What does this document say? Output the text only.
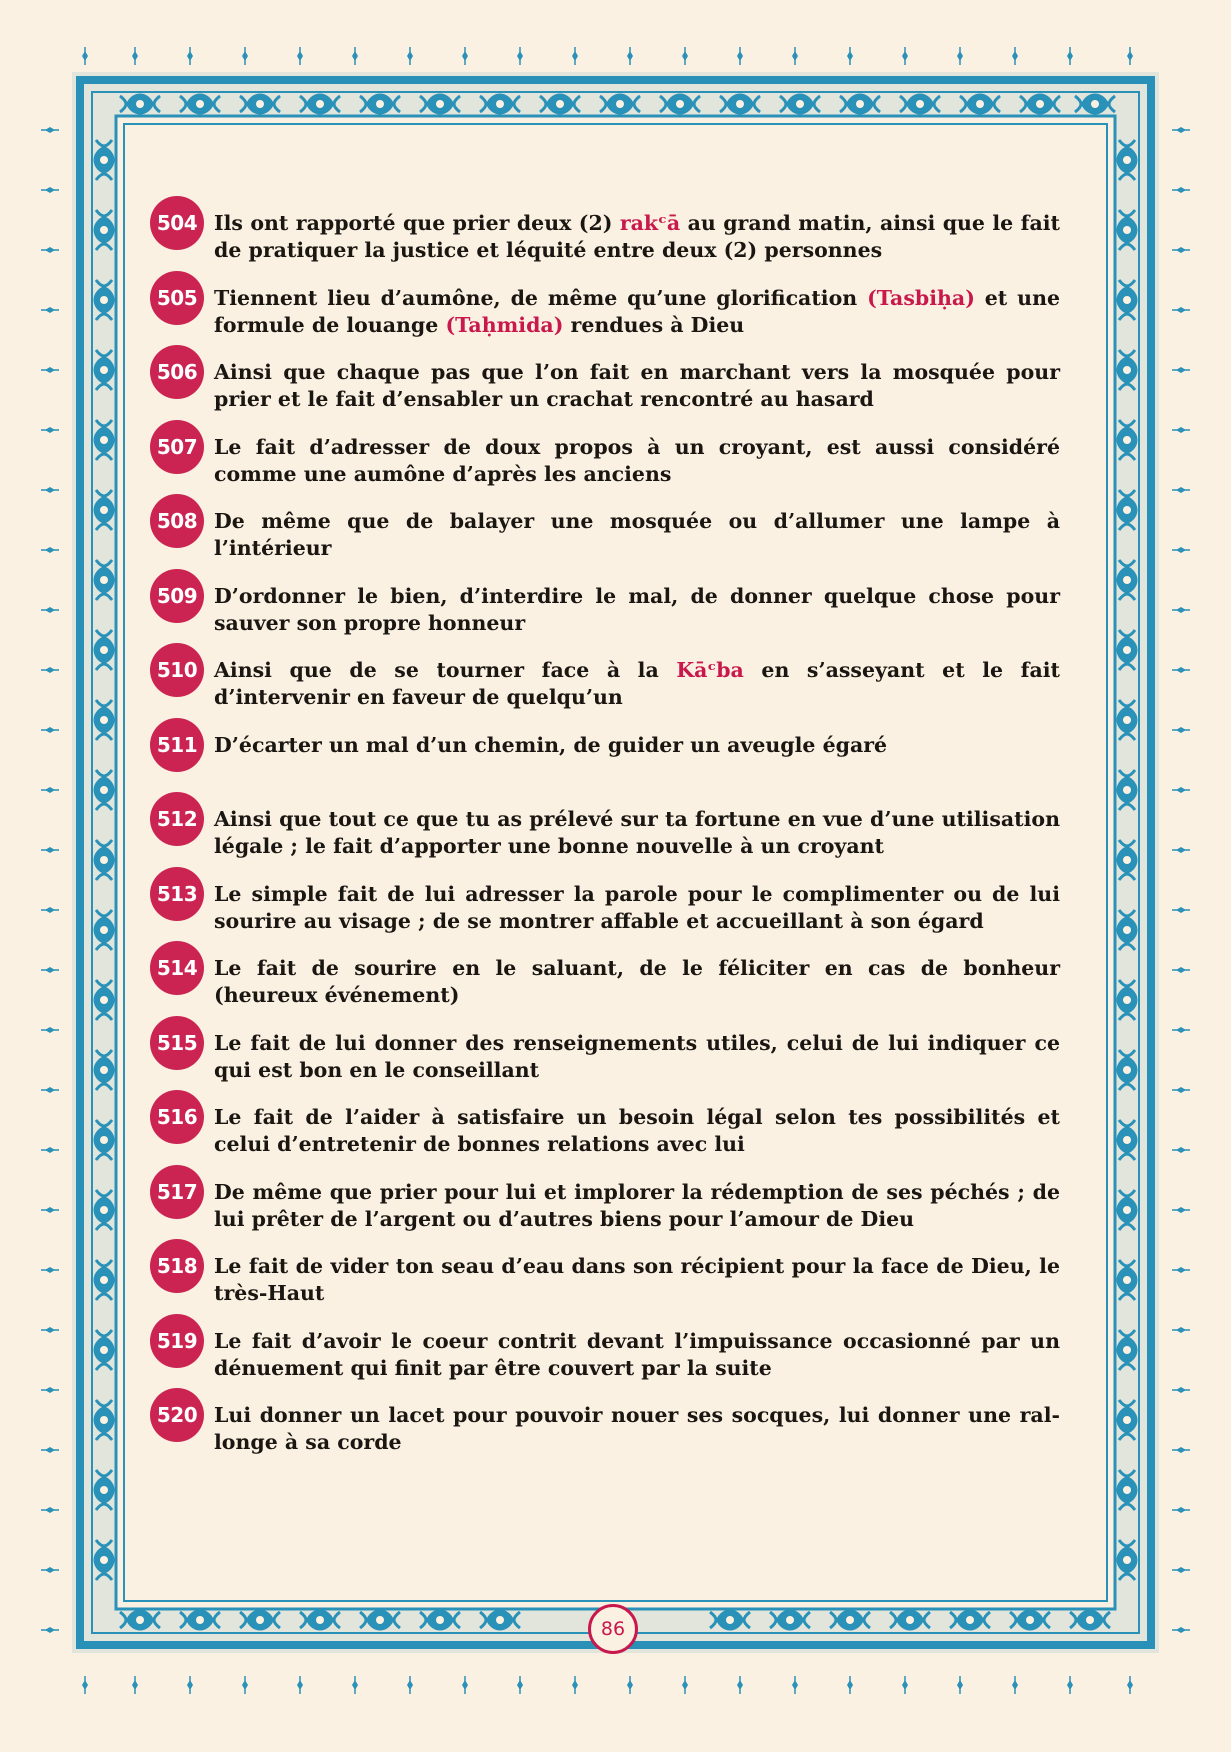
504 Ils ont rapporté que prier deux (2) rakᶜā au grand matin, ainsi que le fait de pratiquer la justice et léquité entre deux (2) personnes
505 Tiennent lieu d’aumône, de même qu’une glorification (Tasbiḥa) et une formule de louange (Taḥmida) rendues à Dieu
506 Ainsi que chaque pas que l’on fait en marchant vers la mosquée pour prier et le fait d’ensabler un crachat rencontré au hasard
507 Le fait d’adresser de doux propos à un croyant, est aussi considéré comme une aumône d’après les anciens
508 De même que de balayer une mosquée ou d’allumer une lampe à l’intérieur
509 D’ordonner le bien, d’interdire le mal, de donner quelque chose pour sauver son propre honneur
510 Ainsi que de se tourner face à la Kāᶜba en s’asseyant et le fait d’intervenir en faveur de quelqu’un
511 D’écarter un mal d’un chemin, de guider un aveugle égaré
512 Ainsi que tout ce que tu as prélevé sur ta fortune en vue d’une utilisation légale ; le fait d’apporter une bonne nouvelle à un croyant
513 Le simple fait de lui adresser la parole pour le complimenter ou de lui sourire au visage ; de se montrer affable et accueillant à son égard
514 Le fait de sourire en le saluant, de le féliciter en cas de bonheur (heureux événement)
515 Le fait de lui donner des renseignements utiles, celui de lui indiquer ce qui est bon en le conseillant
516 Le fait de l’aider à satisfaire un besoin légal selon tes possibilités et celui d’entretenir de bonnes relations avec lui
517 De même que prier pour lui et implorer la rédemption de ses péchés ; de lui prêter de l’argent ou d’autres biens pour l’amour de Dieu
518 Le fait de vider ton seau d’eau dans son récipient pour la face de Dieu, le très-Haut
519 Le fait d’avoir le coeur contrit devant l’impuissance occasionné par un dénuement qui finit par être couvert par la suite
520 Lui donner un lacet pour pouvoir nouer ses socques, lui donner une ral-longe à sa corde
86
